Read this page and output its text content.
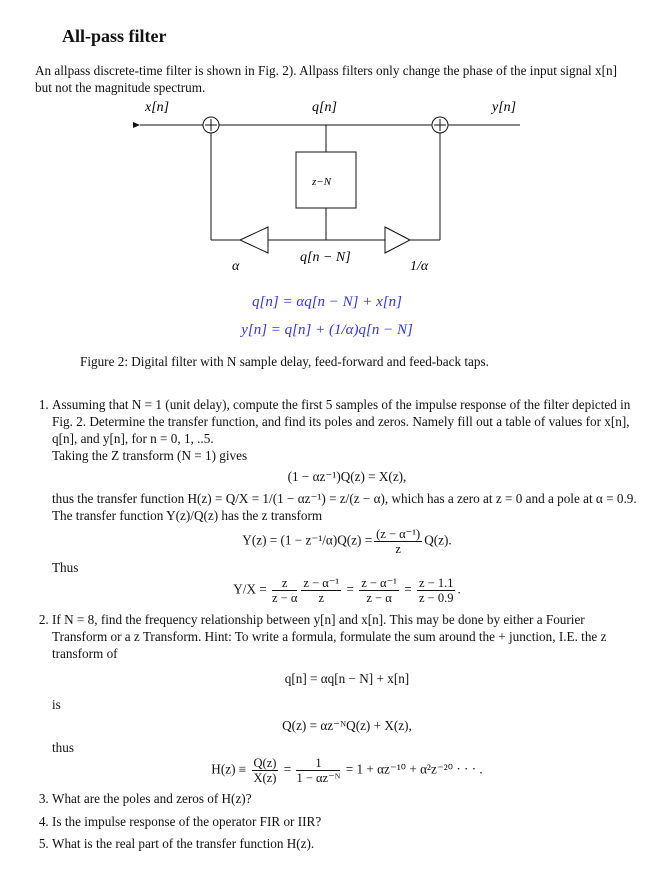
All-pass filter

An allpass discrete-time filter is shown in Fig. 2). Allpass filters only change the phase of the input signal x[n] but not the magnitude spectrum.

x[n]	q[n]	y[n]
z−N
α
q[n − N]
1/α

q[n] = αq[n − N] + x[n]

y[n] = q[n] + (1/α)q[n − N]

Figure 2: Digital filter with N sample delay, feed-forward and feed-back taps.

1. Assuming that N = 1 (unit delay), compute the first 5 samples of the impulse response of the filter depicted in Fig. 2. Determine the transfer function, and find its poles and zeros. Namely fill out a table of values for x[n], q[n], and y[n], for n = 0, 1, ..5.

Taking the Z transform (N = 1) gives

(1 − αz⁻¹)Q(z) = X(z),

thus the transfer function H(z) = Q/X = 1/(1 − αz⁻¹) = z/(z − α), which has a zero at z = 0 and a pole at α = 0.9. The transfer function Y(z)/Q(z) has the z transform

$Y(z) = (1 - z^{-1}/\alpha)Q(z) = \frac{\text{(z − α⁻¹)}}{z} Q(z)$.

Thus

$Y/X = \frac{z}{z - \alpha} \frac{\text{z − α⁻¹}}{z} = \frac{\text{z − α⁻¹}}{z - \alpha} = \frac{z - 1.1}{z - 0.9}$ .

2. If N = 8, find the frequency relationship between y[n] and x[n]. This may be done by either a Fourier Transform or a z Transform. Hint: To write a formula, formulate the sum around the + junction, I.E. the z transform of

q[n] = αq[n − N] + x[n]

is

Q(z) = αz⁻ᴺQ(z) + X(z),

thus

$H(z) \equiv \frac{Q(z)}{X(z)} = \frac{1}{\text{1 − αz⁻ᴺ}} = 1 + \alpha z^{-10} + \alpha^2z^{-20}$ · · · .

3. What are the poles and zeros of H(z)?
4. Is the impulse response of the operator FIR or IIR?
5. What is the real part of the transfer function H(z).
